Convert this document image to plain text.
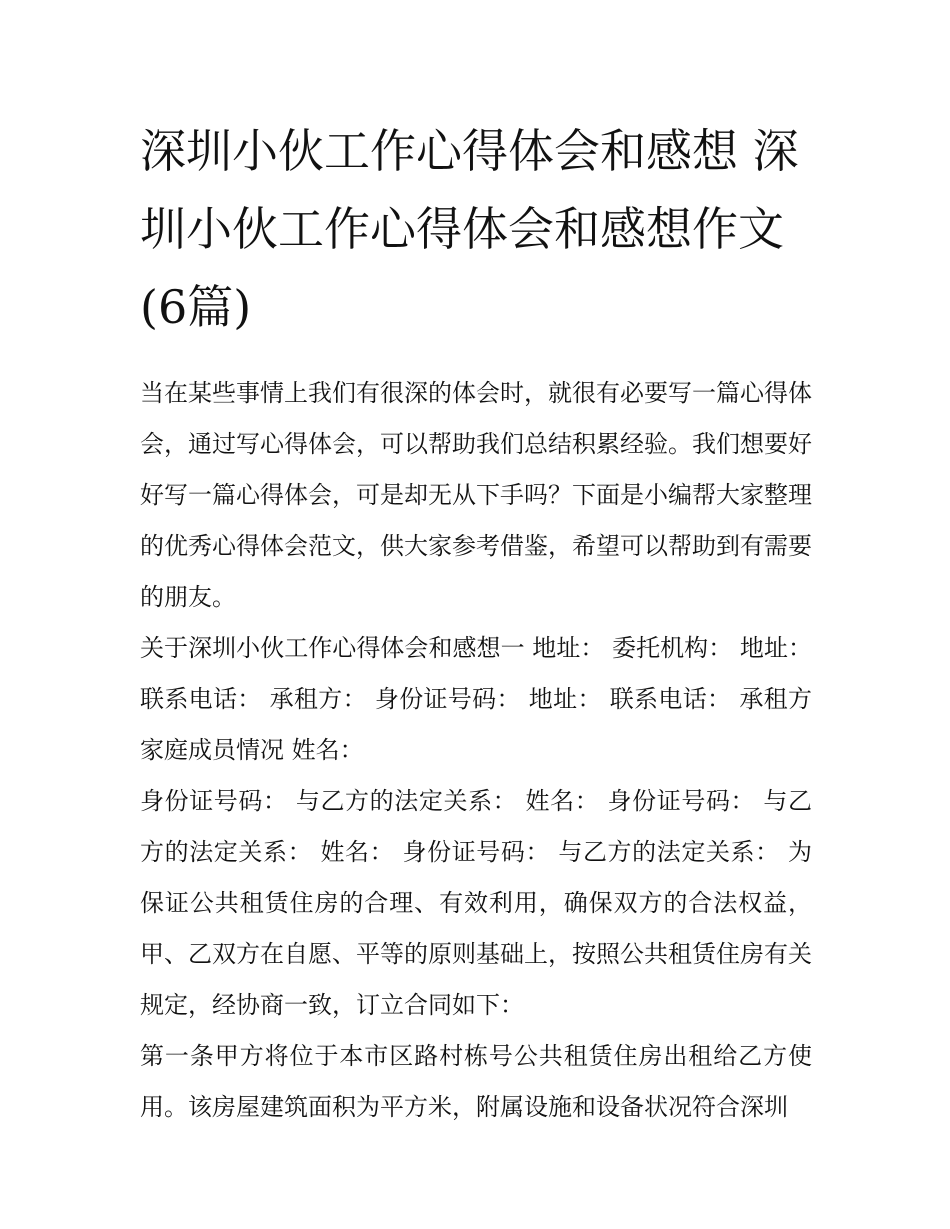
深圳小伙工作心得体会和感想 深圳小伙工作心得体会和感想作文(6篇)

当在某些事情上我们有很深的体会时，就很有必要写一篇心得体会，通过写心得体会，可以帮助我们总结积累经验。我们想要好好写一篇心得体会，可是却无从下手吗？下面是小编帮大家整理的优秀心得体会范文，供大家参考借鉴，希望可以帮助到有需要的朋友。

关于深圳小伙工作心得体会和感想一 地址： 委托机构： 地址： 联系电话： 承租方： 身份证号码： 地址： 联系电话： 承租方家庭成员情况 姓名：

身份证号码： 与乙方的法定关系： 姓名： 身份证号码： 与乙方的法定关系： 姓名： 身份证号码： 与乙方的法定关系： 为保证公共租赁住房的合理、有效利用，确保双方的合法权益，甲、乙双方在自愿、平等的原则基础上，按照公共租赁住房有关规定，经协商一致，订立合同如下：

第一条甲方将位于本市区路村栋号公共租赁住房出租给乙方使用。该房屋建筑面积为平方米，附属设施和设备状况符合深圳
